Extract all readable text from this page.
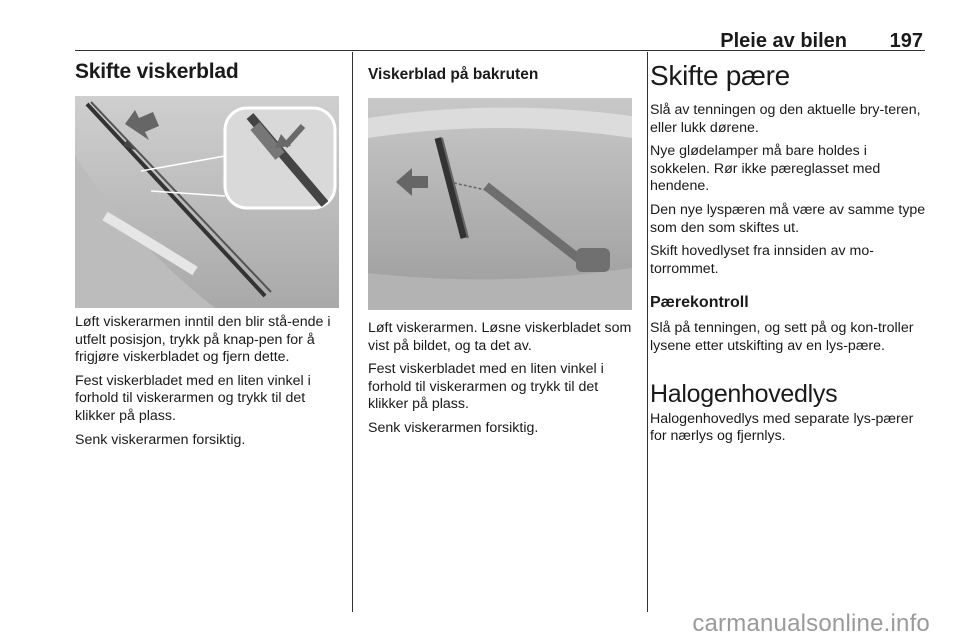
Pleie av bilen 197
Skifte viskerblad

Løft viskerarmen inntil den blir stå-ende i utfelt posisjon, trykk på knap-pen for å frigjøre viskerbladet og fjern dette.

Fest viskerbladet med en liten vinkel i forhold til viskerarmen og trykk til det klikker på plass.

Senk viskerarmen forsiktig.

Viskerblad på bakruten

Løft viskerarmen. Løsne viskerbladet som vist på bildet, og ta det av.

Fest viskerbladet med en liten vinkel i forhold til viskerarmen og trykk til det klikker på plass.

Senk viskerarmen forsiktig.

Skifte pære

Slå av tenningen og den aktuelle bry-teren, eller lukk dørene.

Nye glødelamper må bare holdes i sokkelen. Rør ikke pæreglasset med hendene.

Den nye lyspæren må være av samme type som den som skiftes ut.

Skift hovedlyset fra innsiden av mo-torrommet.

Pærekontroll

Slå på tenningen, og sett på og kon-troller lysene etter utskifting av en lys-pære.

Halogenhovedlys

Halogenhovedlys med separate lys-pærer for nærlys og fjernlys.

carmanualsonline.info
